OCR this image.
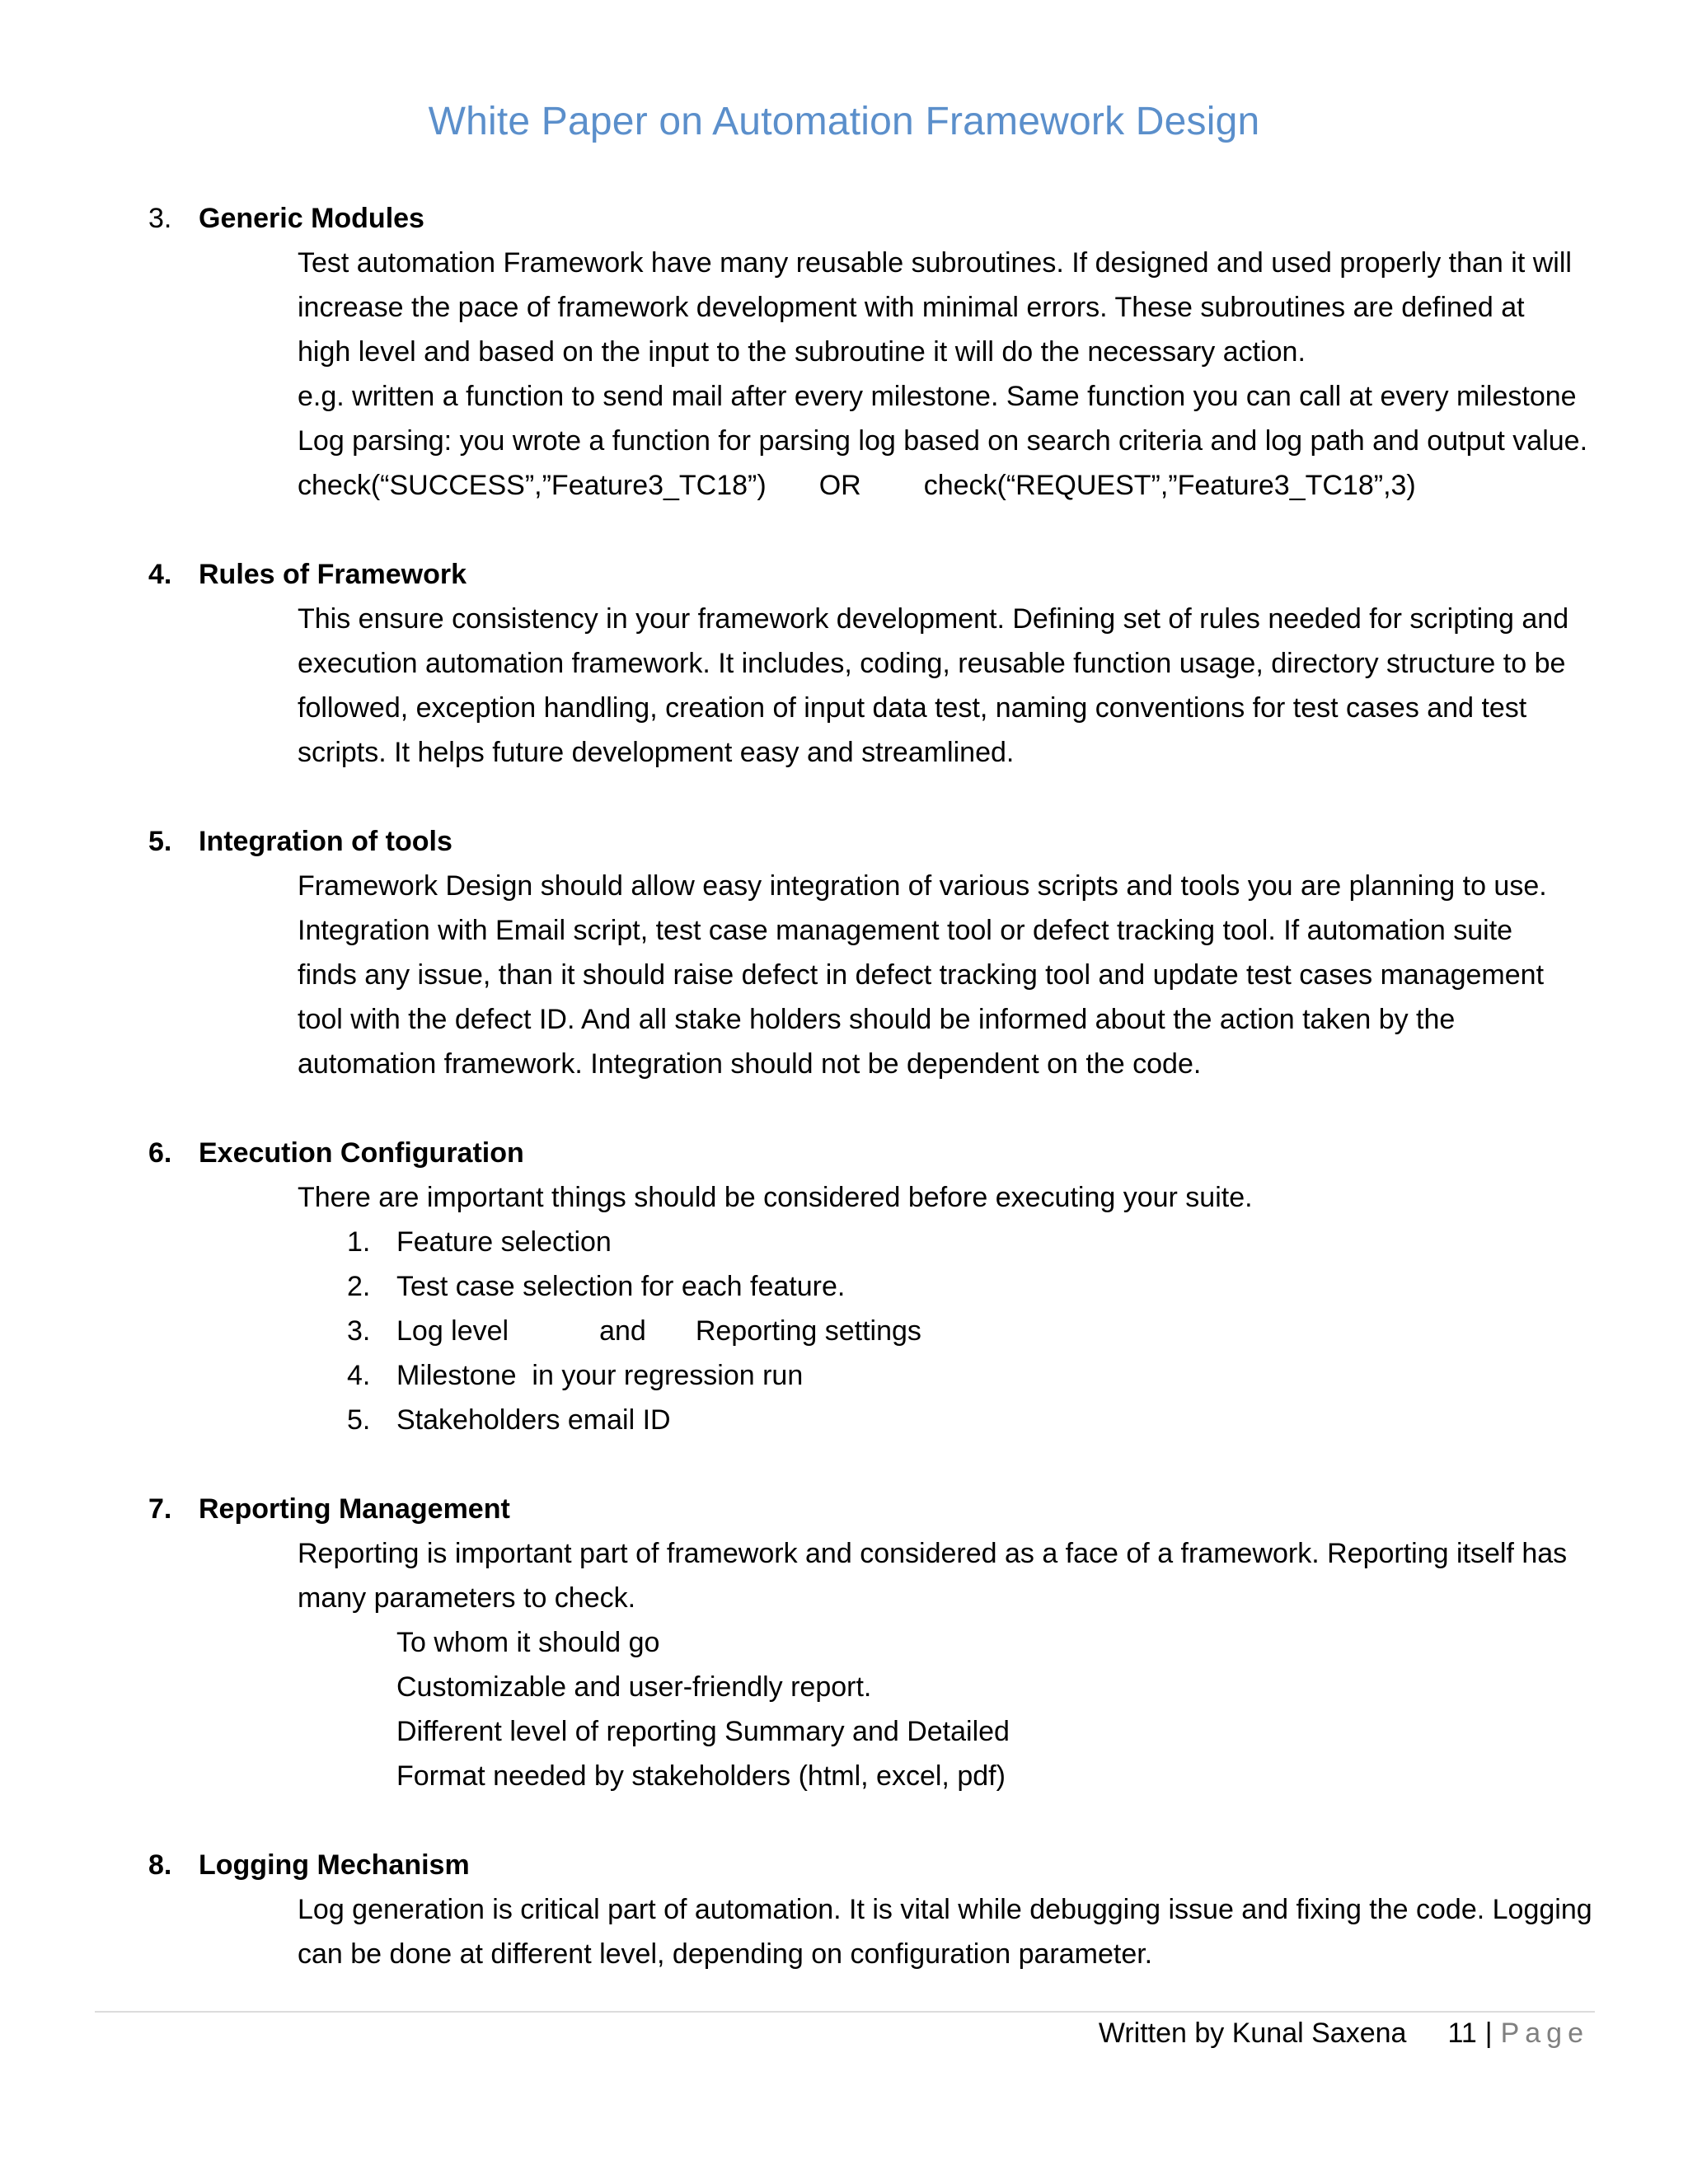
White Paper on Automation Framework Design
3. Generic Modules
Test automation Framework have many reusable subroutines. If designed and used properly than it will
increase the pace of framework development with minimal errors. These subroutines are defined at
high level and based on the input to the subroutine it will do the necessary action.
e.g. written a function to send mail after every milestone. Same function you can call at every milestone
Log parsing: you wrote a function for parsing log based on search criteria and log path and output value.
check(“SUCCESS”,”Feature3_TC18”) OR check(“REQUEST”,”Feature3_TC18”,3)
4. Rules of Framework
This ensure consistency in your framework development. Defining set of rules needed for scripting and
execution automation framework. It includes, coding, reusable function usage, directory structure to be
followed, exception handling, creation of input data test, naming conventions for test cases and test
scripts. It helps future development easy and streamlined.
5. Integration of tools
Framework Design should allow easy integration of various scripts and tools you are planning to use.
Integration with Email script, test case management tool or defect tracking tool. If automation suite
finds any issue, than it should raise defect in defect tracking tool and update test cases management
tool with the defect ID. And all stake holders should be informed about the action taken by the
automation framework. Integration should not be dependent on the code.
6. Execution Configuration
There are important things should be considered before executing your suite.
1. Feature selection
2. Test case selection for each feature.
3. Log level	and Reporting settings
4. Milestone  in your regression run
5. Stakeholders email ID
7. Reporting Management
Reporting is important part of framework and considered as a face of a framework. Reporting itself has
many parameters to check.
To whom it should go
Customizable and user-friendly report.
Different level of reporting Summary and Detailed
Format needed by stakeholders (html, excel, pdf)
8. Logging Mechanism
Log generation is critical part of automation. It is vital while debugging issue and fixing the code. Logging
can be done at different level, depending on configuration parameter.
Written by Kunal Saxena 11 | Page
